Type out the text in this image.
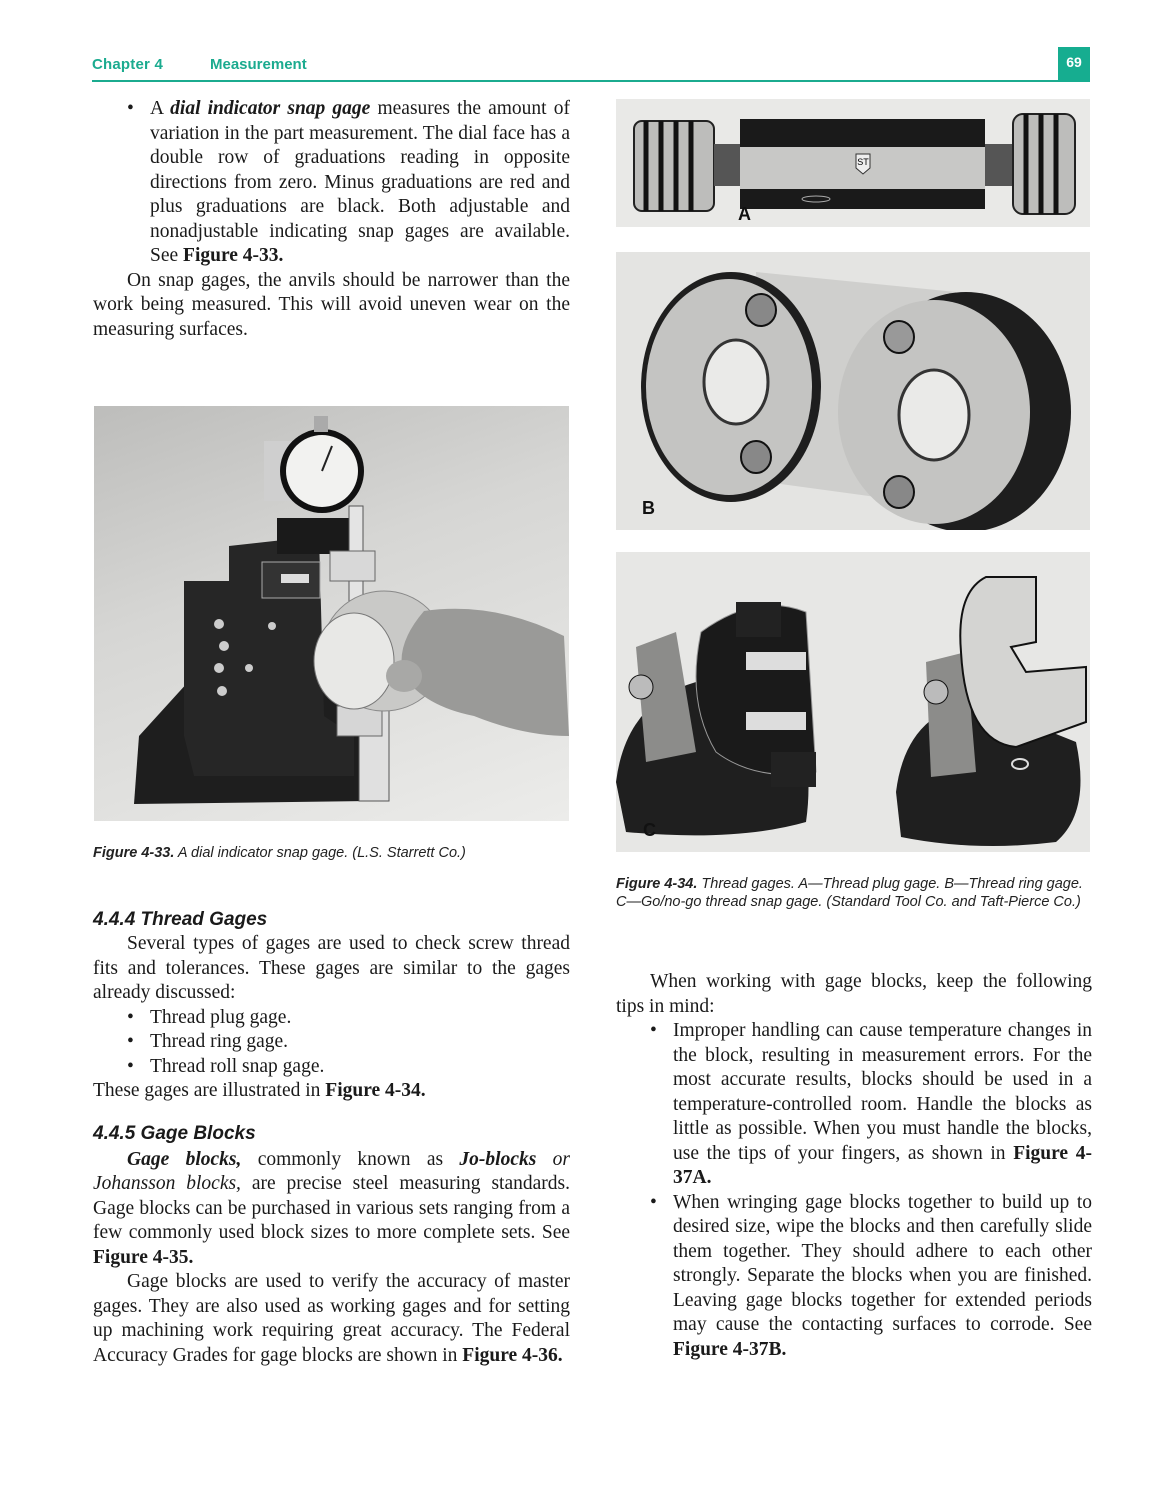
Chapter 4	Measurement	69

• A dial indicator snap gage measures the amount of variation in the part measurement. The dial face has a double row of graduations reading in opposite directions from zero. Minus graduations are red and plus graduations are black. Both adjustable and nonadjustable indicating snap gages are available. See Figure 4-33.

On snap gages, the anvils should be narrower than the work being measured. This will avoid uneven wear on the measuring surfaces.

Figure 4-33. A dial indicator snap gage. (L.S. Starrett Co.)
4.4.4 Thread Gages

Several types of gages are used to check screw thread fits and tolerances. These gages are similar to the gages already discussed:

• Thread plug gage.

• Thread ring gage.

• Thread roll snap gage.

These gages are illustrated in Figure 4-34.

4.4.5 Gage Blocks

Gage blocks, commonly known as Jo-blocks or Johansson blocks, are precise steel measuring standards. Gage blocks can be purchased in various sets ranging from a few commonly used block sizes to more complete sets. See Figure 4-35.

Gage blocks are used to verify the accuracy of master gages. They are also used as working gages and for setting up machining work requiring great accuracy. The Federal Accuracy Grades for gage blocks are shown in Figure 4-36.

ST
A
B
C
Figure 4-34. Thread gages. A—Thread plug gage. B—Thread ring gage. C—Go/no-go thread snap gage. (Standard Tool Co. and Taft-Pierce Co.)

When working with gage blocks, keep the following tips in mind:

• Improper handling can cause temperature changes in the block, resulting in measurement errors. For the most accurate results, blocks should be used in a temperature-controlled room. Handle the blocks as little as possible. When you must handle the blocks, use the tips of your fingers, as shown in Figure 4-37A.

• When wringing gage blocks together to build up to desired size, wipe the blocks and then carefully slide them together. They should adhere to each other strongly. Separate the blocks when you are finished. Leaving gage blocks together for extended periods may cause the contacting surfaces to corrode. See Figure 4-37B.
